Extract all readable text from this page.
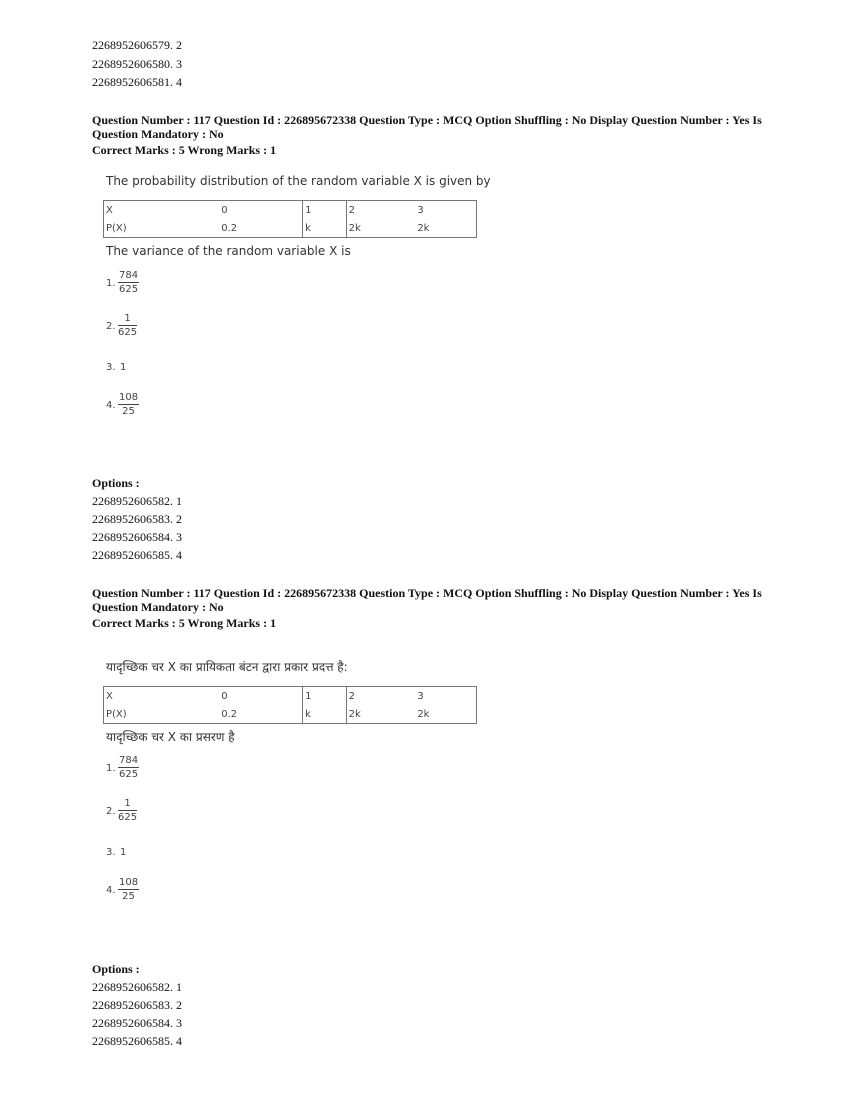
2268952606579. 2
2268952606580. 3
2268952606581. 4
Question Number : 117 Question Id : 226895672338 Question Type : MCQ Option Shuffling : No Display Question Number : Yes Is
Question Mandatory : No
Correct Marks : 5 Wrong Marks : 1
The probability distribution of the random variable X is given by
X	0	1	2	3
P(X)	0.2	k	2k	2k
The variance of the random variable X is
1. $\frac{784}{625}$
2. $\frac{1}{625}$
3. 1
4. $\frac{108}{25}$
Options :
2268952606582. 1
2268952606583. 2
2268952606584. 3
2268952606585. 4
Question Number : 117 Question Id : 226895672338 Question Type : MCQ Option Shuffling : No Display Question Number : Yes Is
Question Mandatory : No
Correct Marks : 5 Wrong Marks : 1
यादृच्छिक चर X का प्रायिकता बंटन द्वारा प्रकार प्रदत्त है:
X	0	1	2	3
P(X)	0.2	k	2k	2k
यादृच्छिक चर X का प्रसरण है
1. $\frac{784}{625}$
2. $\frac{1}{625}$
3. 1
4. $\frac{108}{25}$
Options :
2268952606582. 1
2268952606583. 2
2268952606584. 3
2268952606585. 4
